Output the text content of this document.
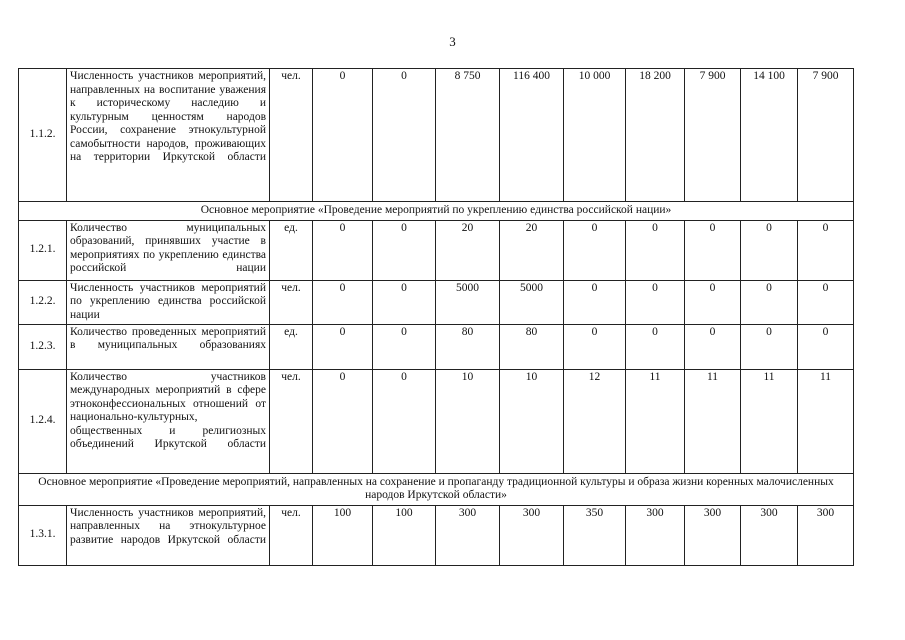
3
1.1.2.	Численность участников мероприятий, направленных на воспитание уважения к историческому наследию и культурным ценностям народов России, сохранение этнокультурной самобытности народов, проживающих на территории Иркутской области	чел.	0	0	8 750	116 400	10 000	18 200	7 900	14 100	7 900
Основное мероприятие «Проведение мероприятий по укреплению единства российской нации»											
1.2.1.	Количество муниципальных образований, принявших участие в мероприятиях по укреплению единства российской нации	ед.	0	0	20	20	0	0	0	0	0
1.2.2.	Численность участников мероприятий по укреплению единства российской нации	чел.	0	0	5000	5000	0	0	0	0	0
1.2.3.	Количество проведенных мероприятий в муниципальных образованиях	ед.	0	0	80	80	0	0	0	0	0
1.2.4.	Количество участников международных мероприятий в сфере этноконфессиональных отношений от национально-культурных, общественных и религиозных объединений Иркутской области	чел.	0	0	10	10	12	11	11	11	11
Основное мероприятие «Проведение мероприятий, направленных на сохранение и пропаганду традиционной культуры и образа жизни коренных малочисленных народов Иркутской области»											
1.3.1.	Численность участников мероприятий, направленных на этнокультурное развитие народов Иркутской области	чел.	100	100	300	300	350	300	300	300	300
